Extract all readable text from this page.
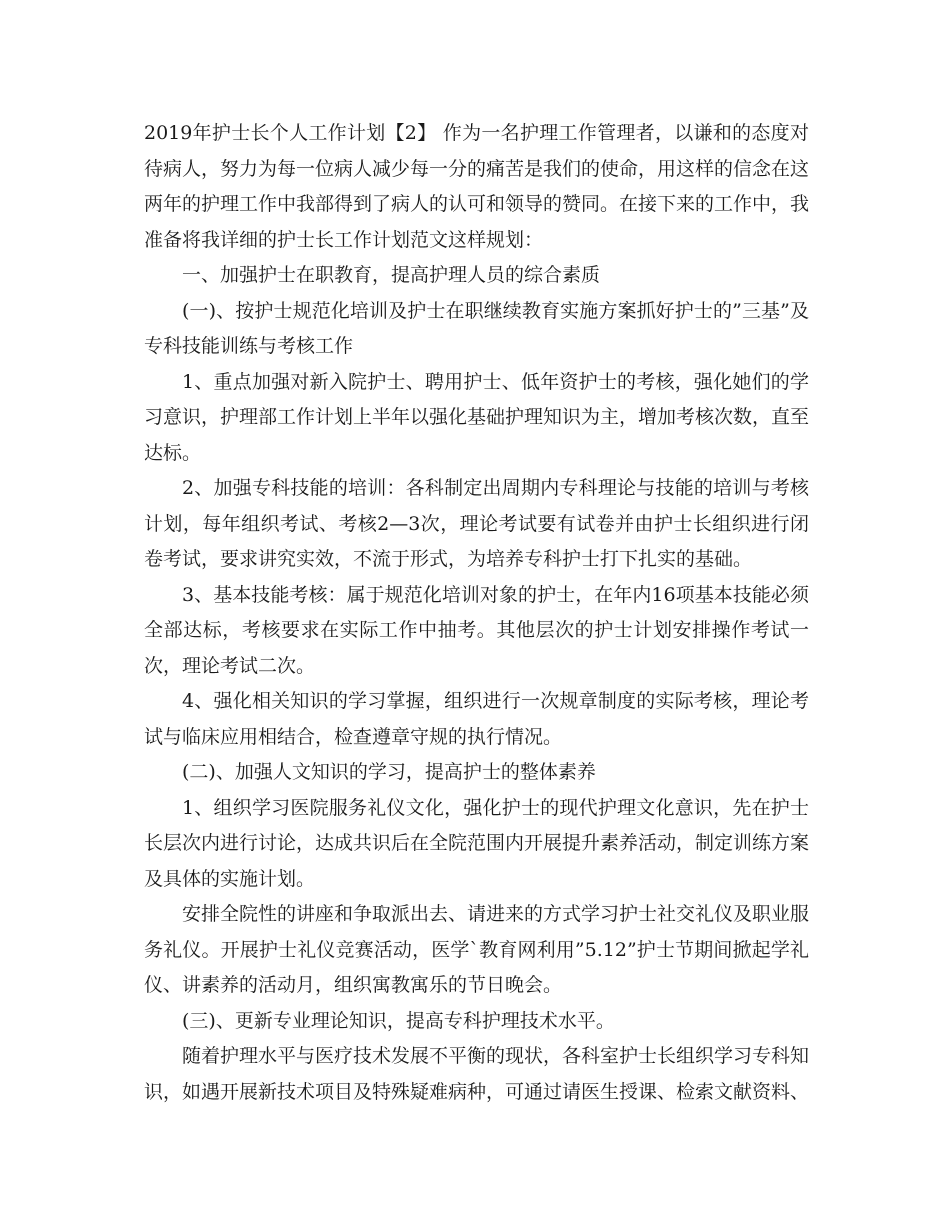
2019年护士长个人工作计划【2】 作为一名护理工作管理者，以谦和的态度对待病人，努力为每一位病人减少每一分的痛苦是我们的使命，用这样的信念在这两年的护理工作中我部得到了病人的认可和领导的赞同。在接下来的工作中，我准备将我详细的护士长工作计划范文这样规划：

一、加强护士在职教育，提高护理人员的综合素质

(一)、按护士规范化培训及护士在职继续教育实施方案抓好护士的”三基”及专科技能训练与考核工作

1、重点加强对新入院护士、聘用护士、低年资护士的考核，强化她们的学习意识，护理部工作计划上半年以强化基础护理知识为主，增加考核次数，直至达标。

2、加强专科技能的培训：各科制定出周期内专科理论与技能的培训与考核计划，每年组织考试、考核2—3次，理论考试要有试卷并由护士长组织进行闭卷考试，要求讲究实效，不流于形式，为培养专科护士打下扎实的基础。

3、基本技能考核：属于规范化培训对象的护士，在年内16项基本技能必须全部达标，考核要求在实际工作中抽考。其他层次的护士计划安排操作考试一次，理论考试二次。

4、强化相关知识的学习掌握，组织进行一次规章制度的实际考核，理论考试与临床应用相结合，检查遵章守规的执行情况。

(二)、加强人文知识的学习，提高护士的整体素养

1、组织学习医院服务礼仪文化，强化护士的现代护理文化意识，先在护士长层次内进行讨论，达成共识后在全院范围内开展提升素养活动，制定训练方案及具体的实施计划。

安排全院性的讲座和争取派出去、请进来的方式学习护士社交礼仪及职业服务礼仪。开展护士礼仪竞赛活动，医学`教育网利用”5.12”护士节期间掀起学礼仪、讲素养的活动月，组织寓教寓乐的节日晚会。

(三)、更新专业理论知识，提高专科护理技术水平。

随着护理水平与医疗技术发展不平衡的现状，各科室护士长组织学习专科知识，如遇开展新技术项目及特殊疑难病种，可通过请医生授课、检索文献资料、
